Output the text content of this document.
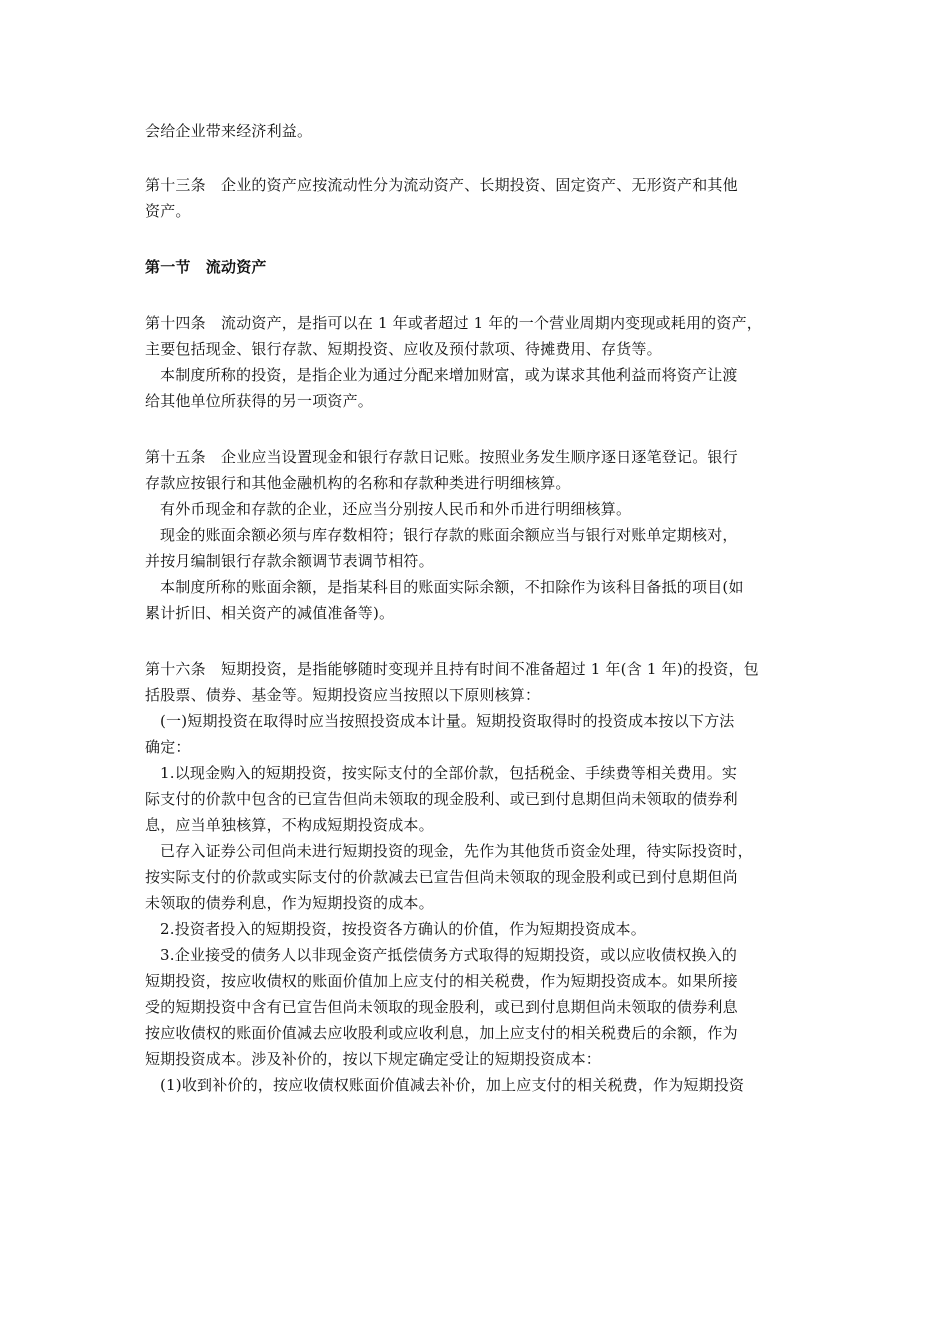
会给企业带来经济利益。
第十三条　企业的资产应按流动性分为流动资产、长期投资、固定资产、无形资产和其他
资产。
第一节　流动资产
第十四条　流动资产，是指可以在 1 年或者超过 1 年的一个营业周期内变现或耗用的资产，
主要包括现金、银行存款、短期投资、应收及预付款项、待摊费用、存货等。
本制度所称的投资，是指企业为通过分配来增加财富，或为谋求其他利益而将资产让渡
给其他单位所获得的另一项资产。
第十五条　企业应当设置现金和银行存款日记账。按照业务发生顺序逐日逐笔登记。银行
存款应按银行和其他金融机构的名称和存款种类进行明细核算。
有外币现金和存款的企业，还应当分别按人民币和外币进行明细核算。
现金的账面余额必须与库存数相符；银行存款的账面余额应当与银行对账单定期核对，
并按月编制银行存款余额调节表调节相符。
本制度所称的账面余额，是指某科目的账面实际余额，不扣除作为该科目备抵的项目(如
累计折旧、相关资产的减值准备等)。
第十六条　短期投资，是指能够随时变现并且持有时间不准备超过 1 年(含 1 年)的投资，包
括股票、债券、基金等。短期投资应当按照以下原则核算：
(一)短期投资在取得时应当按照投资成本计量。短期投资取得时的投资成本按以下方法
确定：
1.以现金购入的短期投资，按实际支付的全部价款，包括税金、手续费等相关费用。实
际支付的价款中包含的已宣告但尚未领取的现金股利、或已到付息期但尚未领取的债券利
息，应当单独核算，不构成短期投资成本。
已存入证券公司但尚未进行短期投资的现金，先作为其他货币资金处理，待实际投资时，
按实际支付的价款或实际支付的价款减去已宣告但尚未领取的现金股利或已到付息期但尚
未领取的债券利息，作为短期投资的成本。
2.投资者投入的短期投资，按投资各方确认的价值，作为短期投资成本。
3.企业接受的债务人以非现金资产抵偿债务方式取得的短期投资，或以应收债权换入的
短期投资，按应收债权的账面价值加上应支付的相关税费，作为短期投资成本。如果所接
受的短期投资中含有已宣告但尚未领取的现金股利，或已到付息期但尚未领取的债券利息
按应收债权的账面价值减去应收股利或应收利息，加上应支付的相关税费后的余额，作为
短期投资成本。涉及补价的，按以下规定确定受让的短期投资成本：
(1)收到补价的，按应收债权账面价值减去补价，加上应支付的相关税费，作为短期投资
